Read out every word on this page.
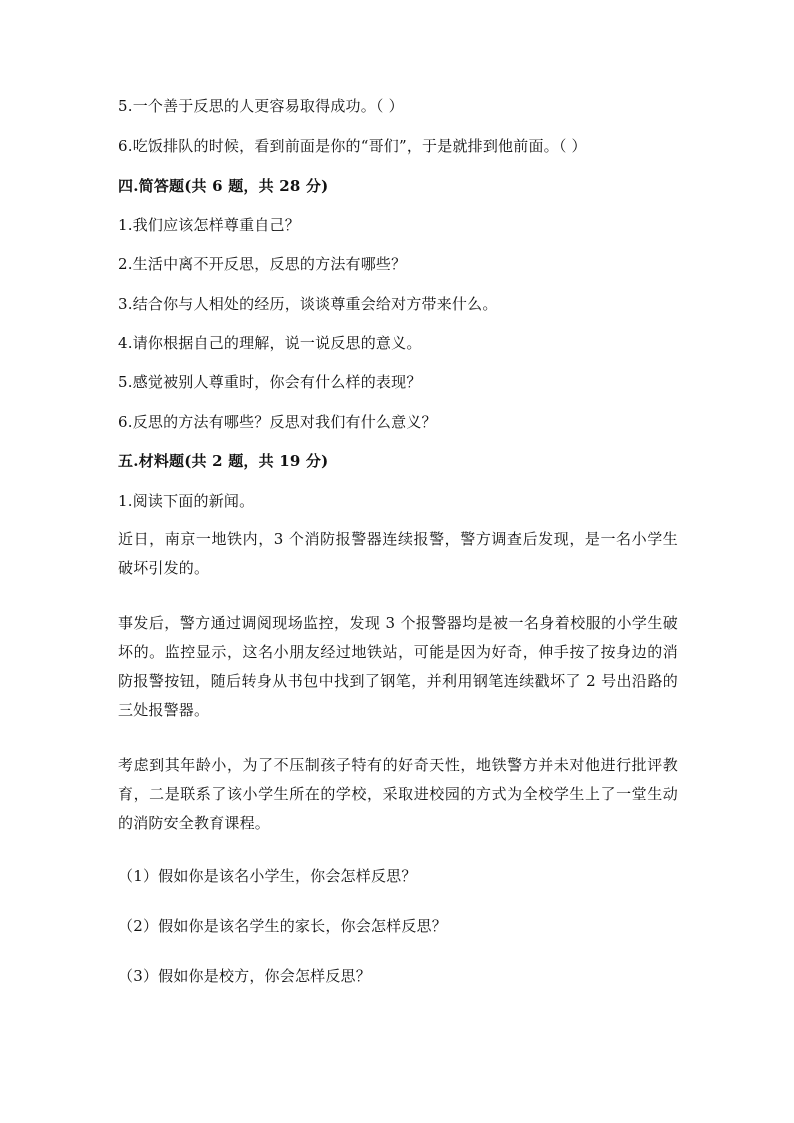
5.一个善于反思的人更容易取得成功。（ ）
6.吃饭排队的时候，看到前面是你的“哥们”，于是就排到他前面。（ ）
四.简答题(共 6 题，共 28 分)
1.我们应该怎样尊重自己？
2.生活中离不开反思，反思的方法有哪些？
3.结合你与人相处的经历，谈谈尊重会给对方带来什么。
4.请你根据自己的理解，说一说反思的意义。
5.感觉被别人尊重时，你会有什么样的表现？
6.反思的方法有哪些？反思对我们有什么意义？
五.材料题(共 2 题，共 19 分)
1.阅读下面的新闻。
近日，南京一地铁内，3 个消防报警器连续报警，警方调查后发现，是一名小学生破坏引发的。
事发后，警方通过调阅现场监控，发现 3 个报警器均是被一名身着校服的小学生破坏的。监控显示，这名小朋友经过地铁站，可能是因为好奇，伸手按了按身边的消防报警按钮，随后转身从书包中找到了钢笔，并利用钢笔连续戳坏了 2 号出沿路的三处报警器。
考虑到其年龄小，为了不压制孩子特有的好奇天性，地铁警方并未对他进行批评教育，二是联系了该小学生所在的学校，采取进校园的方式为全校学生上了一堂生动的消防安全教育课程。
（1）假如你是该名小学生，你会怎样反思？
（2）假如你是该名学生的家长，你会怎样反思？
（3）假如你是校方，你会怎样反思？
